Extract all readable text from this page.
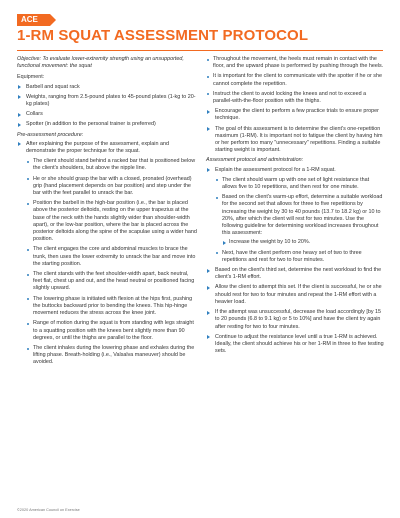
ACE
1-RM SQUAT ASSESSMENT PROTOCOL
Objective: To evaluate lower-extremity strength using an unsupported, functional movement: the squat
Equipment:
Barbell and squat rack
Weights, ranging from 2.5-pound plates to 45-pound plates (1-kg to 20-kg plates)
Collars
Spotter (in addition to the personal trainer is preferred)
Pre-assessment procedure:
After explaining the purpose of the assessment, explain and demonstrate the proper technique for the squat.
The client should stand behind a racked bar that is positioned below the client's shoulders, but above the nipple line.
He or she should grasp the bar with a closed, pronated (overhead) grip (hand placement depends on bar position) and step under the bar with the feet parallel to unrack the bar.
Position the barbell in the high-bar position (i.e., the bar is placed above the posterior deltoids, resting on the upper trapezius at the base of the neck with the hands slightly wider than shoulder-width apart), or the low-bar position, where the bar is placed across the posterior deltoids along the spine of the scapulae using a wider hand position.
The client engages the core and abdominal muscles to brace the trunk, then uses the lower extremity to unrack the bar and move into the starting position.
The client stands with the feet shoulder-width apart, back neutral, feet flat, chest up and out, and the head neutral or positioned facing slightly upward.
The lowering phase is initiated with flexion at the hips first, pushing the buttocks backward prior to bending the knees. This hip-hinge movement reduces the stress across the knee joint.
Range of motion during the squat is from standing with legs straight to a squatting position with the knees bent slightly more than 90 degrees, or until the thighs are parallel to the floor.
The client inhales during the lowering phase and exhales during the lifting phase. Breath-holding (i.e., Valsalva maneuver) should be avoided.
Throughout the movement, the heels must remain in contact with the floor, and the upward phase is performed by pushing through the heels.
It is important for the client to communicate with the spotter if he or she cannot complete the repetition.
Instruct the client to avoid locking the knees and not to exceed a parallel-with-the-floor position with the thighs.
Encourage the client to perform a few practice trials to ensure proper technique.
The goal of this assessment is to determine the client's one-repetition maximum (1-RM). It is important not to fatigue the client by having him or her perform too many "unnecessary" repetitions. Finding a suitable starting weight is important.
Assessment protocol and administration:
Explain the assessment protocol for a 1-RM squat.
The client should warm up with one set of light resistance that allows five to 10 repetitions, and then rest for one minute.
Based on the client's warm-up effort, determine a suitable workload for the second set that allows for three to five repetitions by increasing the weight by 30 to 40 pounds (13.7 to 18.2 kg) or 10 to 20%, after which the client will rest for two minutes. Use the following guideline for determining workload increases throughout this assessment:
Increase the weight by 10 to 20%.
Next, have the client perform one heavy set of two to three repetitions and rest for two to four minutes.
Based on the client's third set, determine the next workload to find the client's 1-RM effort.
Allow the client to attempt this set. If the client is successful, he or she should rest for two to four minutes and repeat the 1-RM effort with a heavier load.
If the attempt was unsuccessful, decrease the load accordingly [by 15 to 20 pounds (6.8 to 9.1 kg) or 5 to 10%] and have the client try again after resting for two to four minutes.
Continue to adjust the resistance level until a true 1-RM is achieved. Ideally, the client should achieve his or her 1-RM in three to five testing sets.
©2020 American Council on Exercise
